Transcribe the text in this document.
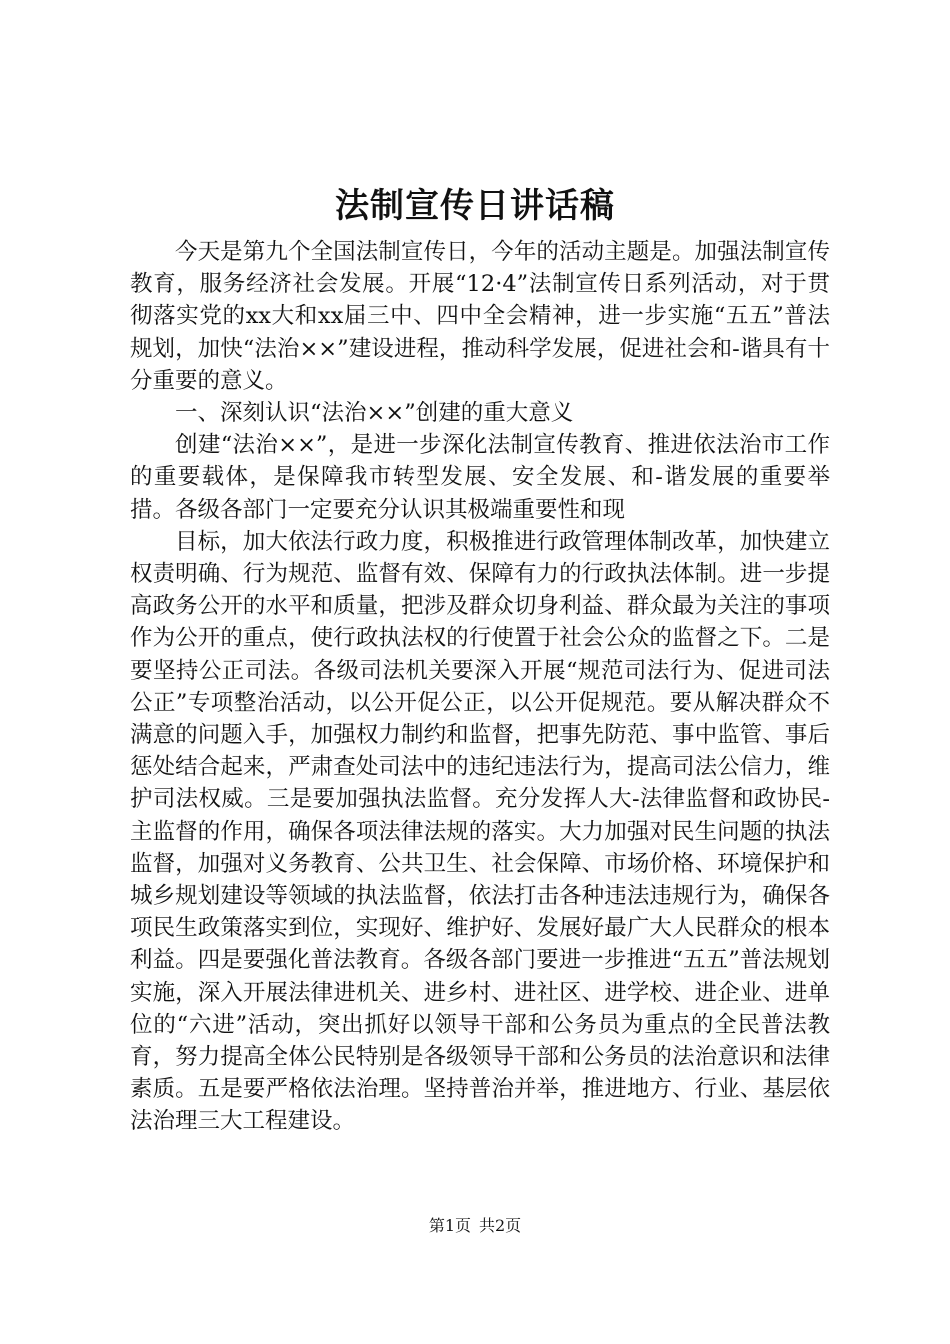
法制宣传日讲话稿

今天是第九个全国法制宣传日，今年的活动主题是。加强法制宣传教育，服务经济社会发展。开展“12·4”法制宣传日系列活动，对于贯彻落实党的xx大和xx届三中、四中全会精神，进一步实施“五五”普法规划，加快“法治××”建设进程，推动科学发展，促进社会和-谐具有十分重要的意义。

一、深刻认识“法治××”创建的重大意义

创建“法治××”，是进一步深化法制宣传教育、推进依法治市工作的重要载体，是保障我市转型发展、安全发展、和-谐发展的重要举措。各级各部门一定要充分认识其极端重要性和现

目标，加大依法行政力度，积极推进行政管理体制改革，加快建立权责明确、行为规范、监督有效、保障有力的行政执法体制。进一步提高政务公开的水平和质量，把涉及群众切身利益、群众最为关注的事项作为公开的重点，使行政执法权的行使置于社会公众的监督之下。二是要坚持公正司法。各级司法机关要深入开展“规范司法行为、促进司法公正”专项整治活动，以公开促公正，以公开促规范。要从解决群众不满意的问题入手，加强权力制约和监督，把事先防范、事中监管、事后惩处结合起来，严肃查处司法中的违纪违法行为，提高司法公信力，维护司法权威。三是要加强执法监督。充分发挥人大-法律监督和政协民-主监督的作用，确保各项法律法规的落实。大力加强对民生问题的执法监督，加强对义务教育、公共卫生、社会保障、市场价格、环境保护和城乡规划建设等领域的执法监督，依法打击各种违法违规行为，确保各项民生政策落实到位，实现好、维护好、发展好最广大人民群众的根本利益。四是要强化普法教育。各级各部门要进一步推进“五五”普法规划实施，深入开展法律进机关、进乡村、进社区、进学校、进企业、进单位的“六进”活动，突出抓好以领导干部和公务员为重点的全民普法教育，努力提高全体公民特别是各级领导干部和公务员的法治意识和法律素质。五是要严格依法治理。坚持普治并举，推进地方、行业、基层依法治理三大工程建设。

第1页 共2页
